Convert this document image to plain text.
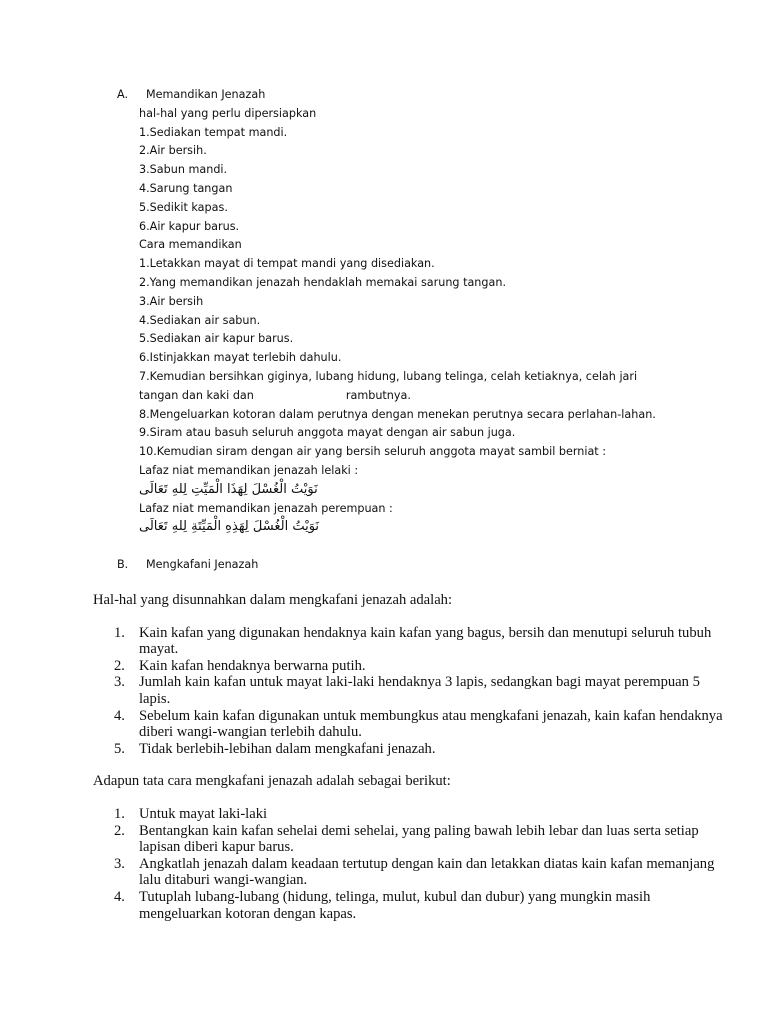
A. Memandikan Jenazah
hal-hal yang perlu dipersiapkan
1.Sediakan tempat mandi.
2.Air bersih.
3.Sabun mandi.
4.Sarung tangan
5.Sedikit kapas.
6.Air kapur barus.
Cara memandikan
1.Letakkan mayat di tempat mandi yang disediakan.
2.Yang memandikan jenazah hendaklah memakai sarung tangan.
3.Air bersih
4.Sediakan air sabun.
5.Sediakan air kapur barus.
6.Istinjakkan mayat terlebih dahulu.
7.Kemudian bersihkan giginya, lubang hidung, lubang telinga, celah ketiaknya, celah jari
tangan dan kaki dan	rambutnya.
8.Mengeluarkan kotoran dalam perutnya dengan menekan perutnya secara perlahan-lahan.
9.Siram atau basuh seluruh anggota mayat dengan air sabun juga.
10.Kemudian siram dengan air yang bersih seluruh anggota mayat sambil berniat :
Lafaz niat memandikan jenazah lelaki :
نَوَيْتُ الْغُسْلَ لِهَذَا الْمَيِّتِ لِلهِ تَعَالَى
Lafaz niat memandikan jenazah perempuan :
نَوَيْتُ الْغُسْلَ لِهَذِهِ الْمَيِّتَةِ لِلهِ تَعَالَى
B. Mengkafani Jenazah

Hal-hal yang disunnahkan dalam mengkafani jenazah adalah:

1. Kain kafan yang digunakan hendaknya kain kafan yang bagus, bersih dan menutupi seluruh tubuh mayat.
2. Kain kafan hendaknya berwarna putih.
3. Jumlah kain kafan untuk mayat laki-laki hendaknya 3 lapis, sedangkan bagi mayat perempuan 5 lapis.
4. Sebelum kain kafan digunakan untuk membungkus atau mengkafani jenazah, kain kafan hendaknya diberi wangi-wangian terlebih dahulu.
5. Tidak berlebih-lebihan dalam mengkafani jenazah.

Adapun tata cara mengkafani jenazah adalah sebagai berikut:

1. Untuk mayat laki-laki
2. Bentangkan kain kafan sehelai demi sehelai, yang paling bawah lebih lebar dan luas serta setiap lapisan diberi kapur barus.
3. Angkatlah jenazah dalam keadaan tertutup dengan kain dan letakkan diatas kain kafan memanjang lalu ditaburi wangi-wangian.
4. Tutuplah lubang-lubang (hidung, telinga, mulut, kubul dan dubur) yang mungkin masih mengeluarkan kotoran dengan kapas.
